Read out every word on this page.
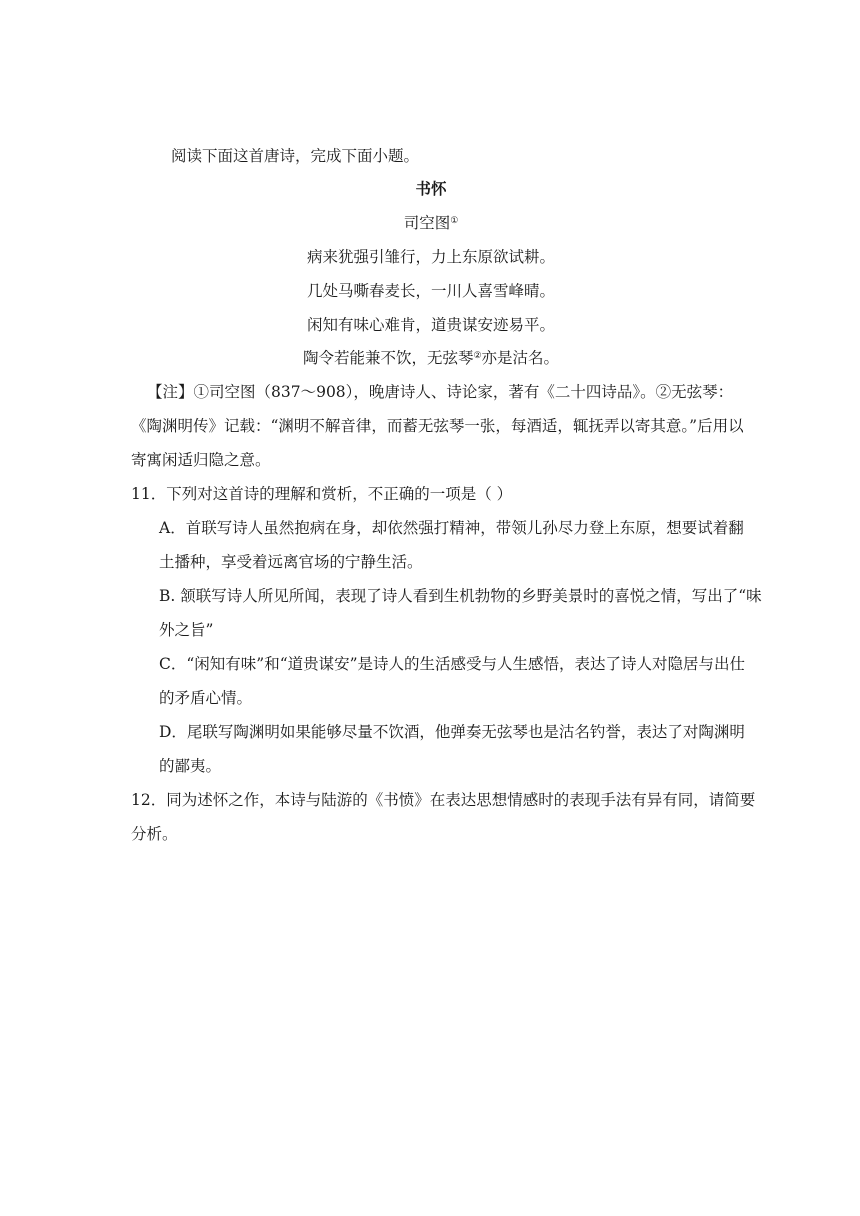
阅读下面这首唐诗，完成下面小题。
书怀
司空图①
病来犹强引雏行，力上东原欲试耕。
几处马嘶春麦长，一川人喜雪峰晴。
闲知有味心难肯，道贵谋安迹易平。
陶令若能兼不饮，无弦琴②亦是沽名。
【注】①司空图（837～908），晚唐诗人、诗论家，著有《二十四诗品》。②无弦琴：
《陶渊明传》记载：“渊明不解音律，而蓄无弦琴一张，每酒适，辄抚弄以寄其意。”后用以
寄寓闲适归隐之意。
11．下列对这首诗的理解和赏析，不正确的一项是（ ）
A．首联写诗人虽然抱病在身，却依然强打精神，带领儿孙尽力登上东原，想要试着翻
土播种，享受着远离官场的宁静生活。
B. 颔联写诗人所见所闻，表现了诗人看到生机勃物的乡野美景时的喜悦之情，写出了“味
外之旨”
C．“闲知有味”和“道贵谋安”是诗人的生活感受与人生感悟，表达了诗人对隐居与出仕
的矛盾心情。
D．尾联写陶渊明如果能够尽量不饮酒，他弹奏无弦琴也是沽名钓誉，表达了对陶渊明
的鄙夷。
12．同为述怀之作，本诗与陆游的《书愤》在表达思想情感时的表现手法有异有同，请简要
分析。
